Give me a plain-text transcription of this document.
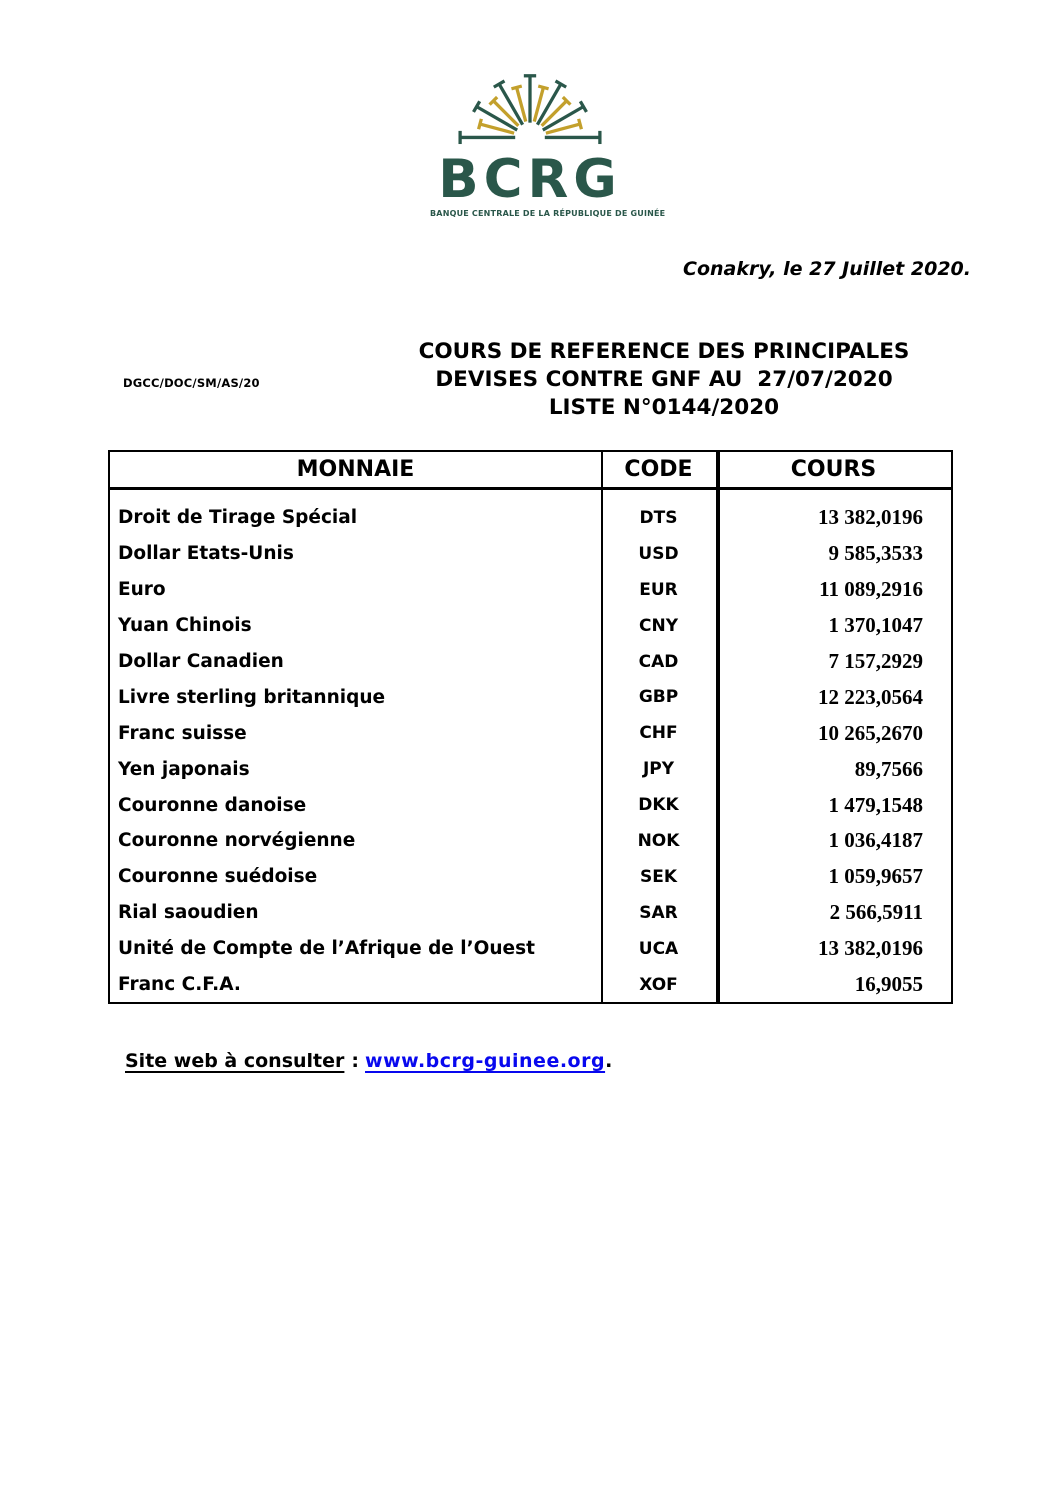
BCRG
BANQUE CENTRALE DE LA RÉPUBLIQUE DE GUINÉE
Conakry, le 27 Juillet 2020.
DGCC/DOC/SM/AS/20
COURS DE REFERENCE DES PRINCIPALES
DEVISES CONTRE GNF AU  27/07/2020
LISTE N°0144/2020
MONNAIE	CODE	COURS
Droit de Tirage Spécial	DTS	13 382,0196
Dollar Etats-Unis	USD	9 585,3533
Euro	EUR	11 089,2916
Yuan Chinois	CNY	1 370,1047
Dollar Canadien	CAD	7 157,2929
Livre sterling britannique	GBP	12 223,0564
Franc suisse	CHF	10 265,2670
Yen japonais	JPY	89,7566
Couronne danoise	DKK	1 479,1548
Couronne norvégienne	NOK	1 036,4187
Couronne suédoise	SEK	1 059,9657
Rial saoudien	SAR	2 566,5911
Unité de Compte de l’Afrique de l’Ouest	UCA	13 382,0196
Franc C.F.A.	XOF	16,9055
Site web à consulter : www.bcrg-guinee.org.
